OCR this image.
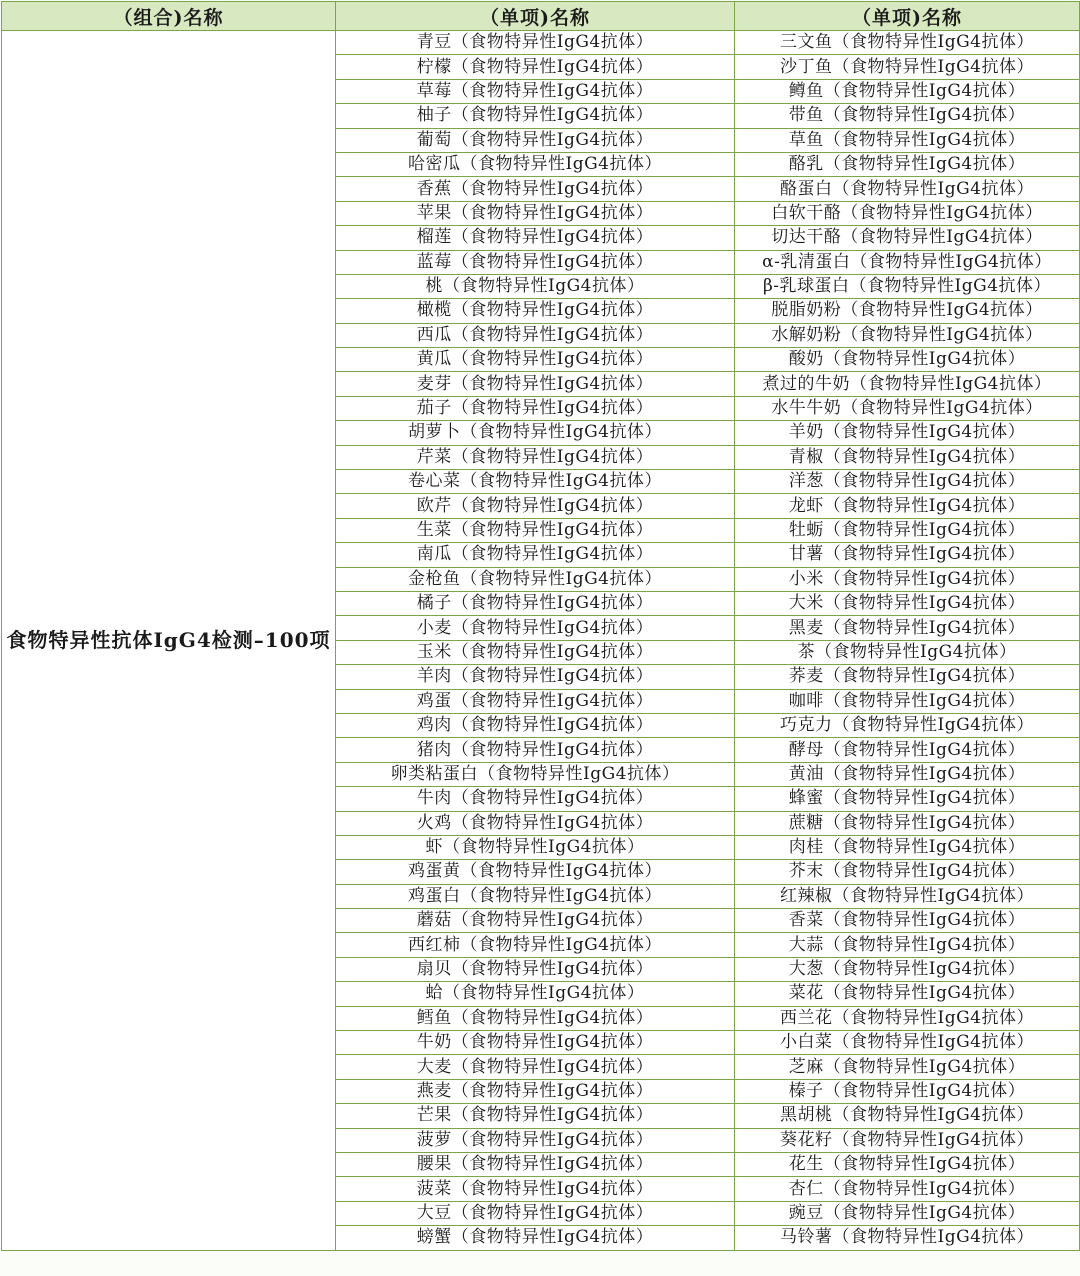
（组合)名称	（单项)名称	（单项)名称
食物特异性抗体IgG4检测–100项	青豆（食物特异性IgG4抗体）	三文鱼（食物特异性IgG4抗体）
	柠檬（食物特异性IgG4抗体）	沙丁鱼（食物特异性IgG4抗体）
	草莓（食物特异性IgG4抗体）	鳟鱼（食物特异性IgG4抗体）
	柚子（食物特异性IgG4抗体）	带鱼（食物特异性IgG4抗体）
	葡萄（食物特异性IgG4抗体）	草鱼（食物特异性IgG4抗体）
	哈密瓜（食物特异性IgG4抗体）	酪乳（食物特异性IgG4抗体）
	香蕉（食物特异性IgG4抗体）	酪蛋白（食物特异性IgG4抗体）
	苹果（食物特异性IgG4抗体）	白软干酪（食物特异性IgG4抗体）
	榴莲（食物特异性IgG4抗体）	切达干酪（食物特异性IgG4抗体）
	蓝莓（食物特异性IgG4抗体）	α-乳清蛋白（食物特异性IgG4抗体）
	桃（食物特异性IgG4抗体）	β-乳球蛋白（食物特异性IgG4抗体）
	橄榄（食物特异性IgG4抗体）	脱脂奶粉（食物特异性IgG4抗体）
	西瓜（食物特异性IgG4抗体）	水解奶粉（食物特异性IgG4抗体）
	黄瓜（食物特异性IgG4抗体）	酸奶（食物特异性IgG4抗体）
	麦芽（食物特异性IgG4抗体）	煮过的牛奶（食物特异性IgG4抗体）
	茄子（食物特异性IgG4抗体）	水牛牛奶（食物特异性IgG4抗体）
	胡萝卜（食物特异性IgG4抗体）	羊奶（食物特异性IgG4抗体）
	芹菜（食物特异性IgG4抗体）	青椒（食物特异性IgG4抗体）
	卷心菜（食物特异性IgG4抗体）	洋葱（食物特异性IgG4抗体）
	欧芹（食物特异性IgG4抗体）	龙虾（食物特异性IgG4抗体）
	生菜（食物特异性IgG4抗体）	牡蛎（食物特异性IgG4抗体）
	南瓜（食物特异性IgG4抗体）	甘薯（食物特异性IgG4抗体）
	金枪鱼（食物特异性IgG4抗体）	小米（食物特异性IgG4抗体）
	橘子（食物特异性IgG4抗体）	大米（食物特异性IgG4抗体）
	小麦（食物特异性IgG4抗体）	黑麦（食物特异性IgG4抗体）
	玉米（食物特异性IgG4抗体）	茶（食物特异性IgG4抗体）
	羊肉（食物特异性IgG4抗体）	荞麦（食物特异性IgG4抗体）
	鸡蛋（食物特异性IgG4抗体）	咖啡（食物特异性IgG4抗体）
	鸡肉（食物特异性IgG4抗体）	巧克力（食物特异性IgG4抗体）
	猪肉（食物特异性IgG4抗体）	酵母（食物特异性IgG4抗体）
	卵类粘蛋白（食物特异性IgG4抗体）	黄油（食物特异性IgG4抗体）
	牛肉（食物特异性IgG4抗体）	蜂蜜（食物特异性IgG4抗体）
	火鸡（食物特异性IgG4抗体）	蔗糖（食物特异性IgG4抗体）
	虾（食物特异性IgG4抗体）	肉桂（食物特异性IgG4抗体）
	鸡蛋黄（食物特异性IgG4抗体）	芥末（食物特异性IgG4抗体）
	鸡蛋白（食物特异性IgG4抗体）	红辣椒（食物特异性IgG4抗体）
	蘑菇（食物特异性IgG4抗体）	香菜（食物特异性IgG4抗体）
	西红柿（食物特异性IgG4抗体）	大蒜（食物特异性IgG4抗体）
	扇贝（食物特异性IgG4抗体）	大葱（食物特异性IgG4抗体）
	蛤（食物特异性IgG4抗体）	菜花（食物特异性IgG4抗体）
	鳕鱼（食物特异性IgG4抗体）	西兰花（食物特异性IgG4抗体）
	牛奶（食物特异性IgG4抗体）	小白菜（食物特异性IgG4抗体）
	大麦（食物特异性IgG4抗体）	芝麻（食物特异性IgG4抗体）
	燕麦（食物特异性IgG4抗体）	榛子（食物特异性IgG4抗体）
	芒果（食物特异性IgG4抗体）	黑胡桃（食物特异性IgG4抗体）
	菠萝（食物特异性IgG4抗体）	葵花籽（食物特异性IgG4抗体）
	腰果（食物特异性IgG4抗体）	花生（食物特异性IgG4抗体）
	菠菜（食物特异性IgG4抗体）	杏仁（食物特异性IgG4抗体）
	大豆（食物特异性IgG4抗体）	豌豆（食物特异性IgG4抗体）
	螃蟹（食物特异性IgG4抗体）	马铃薯（食物特异性IgG4抗体）
